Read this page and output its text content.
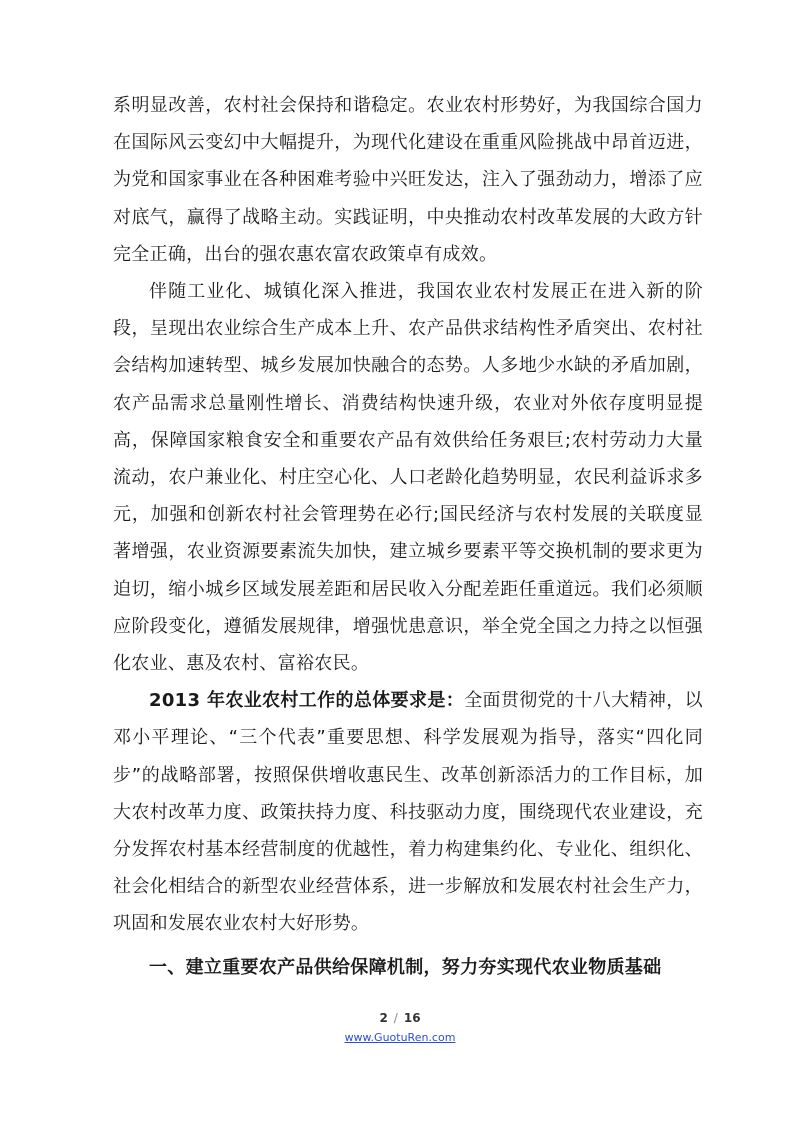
系明显改善，农村社会保持和谐稳定。农业农村形势好，为我国综合国力在国际风云变幻中大幅提升，为现代化建设在重重风险挑战中昂首迈进，为党和国家事业在各种困难考验中兴旺发达，注入了强劲动力，增添了应对底气，赢得了战略主动。实践证明，中央推动农村改革发展的大政方针完全正确，出台的强农惠农富农政策卓有成效。

伴随工业化、城镇化深入推进，我国农业农村发展正在进入新的阶段，呈现出农业综合生产成本上升、农产品供求结构性矛盾突出、农村社会结构加速转型、城乡发展加快融合的态势。人多地少水缺的矛盾加剧，农产品需求总量刚性增长、消费结构快速升级，农业对外依存度明显提高，保障国家粮食安全和重要农产品有效供给任务艰巨;农村劳动力大量流动，农户兼业化、村庄空心化、人口老龄化趋势明显，农民利益诉求多元，加强和创新农村社会管理势在必行;国民经济与农村发展的关联度显著增强，农业资源要素流失加快，建立城乡要素平等交换机制的要求更为迫切，缩小城乡区域发展差距和居民收入分配差距任重道远。我们必须顺应阶段变化，遵循发展规律，增强忧患意识，举全党全国之力持之以恒强化农业、惠及农村、富裕农民。

2013 年农业农村工作的总体要求是：全面贯彻党的十八大精神，以邓小平理论、“三个代表”重要思想、科学发展观为指导，落实“四化同步”的战略部署，按照保供增收惠民生、改革创新添活力的工作目标，加大农村改革力度、政策扶持力度、科技驱动力度，围绕现代农业建设，充分发挥农村基本经营制度的优越性，着力构建集约化、专业化、组织化、社会化相结合的新型农业经营体系，进一步解放和发展农村社会生产力，巩固和发展农业农村大好形势。

一、建立重要农产品供给保障机制，努力夯实现代农业物质基础

2 / 16
www.GuotuRen.com
